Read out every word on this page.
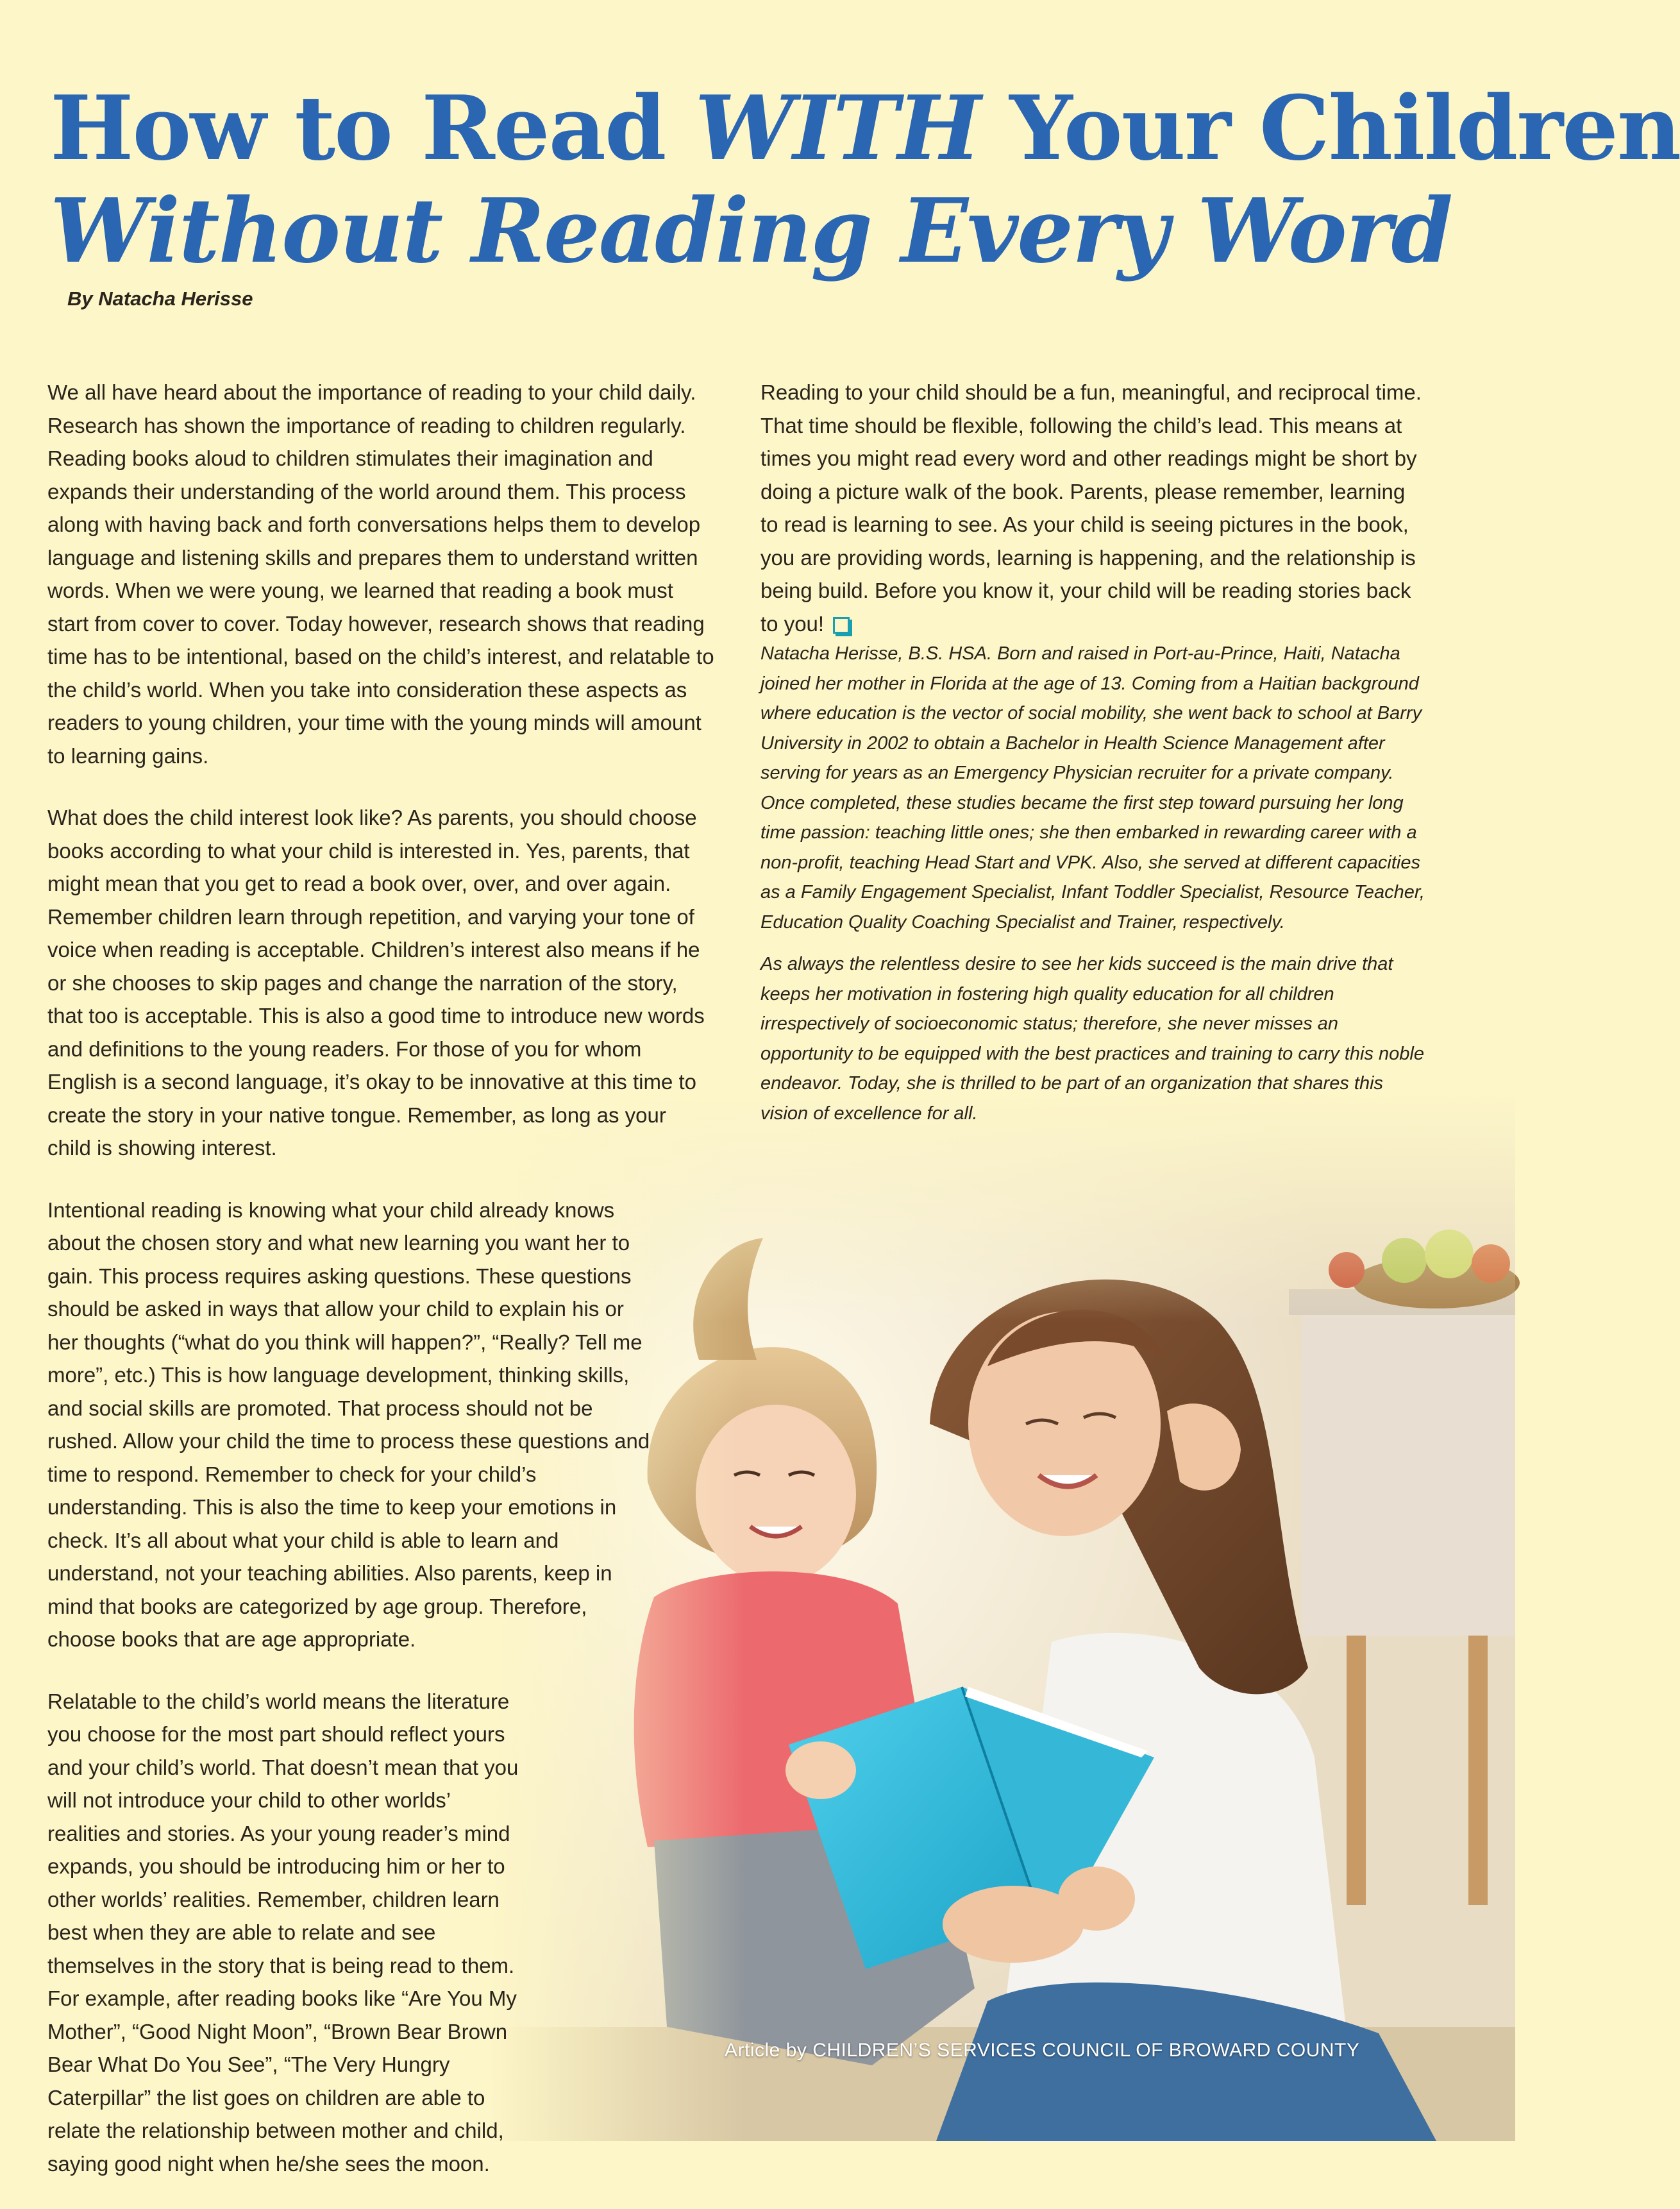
How to Read WITH Your Children
Without Reading Every Word
By Natacha Herisse

We all have heard about the importance of reading to your child daily. Research has shown the importance of reading to children regularly. Reading books aloud to children stimulates their imagination and expands their understanding of the world around them. This process along with having back and forth conversations helps them to develop language and listening skills and prepares them to understand written words. When we were young, we learned that reading a book must start from cover to cover. Today however, research shows that reading time has to be intentional, based on the child’s interest, and relatable to the child’s world. When you take into consideration these aspects as readers to young children, your time with the young minds will amount to learning gains.

What does the child interest look like? As parents, you should choose books according to what your child is interested in. Yes, parents, that might mean that you get to read a book over, over, and over again. Remember children learn through repetition, and varying your tone of voice when reading is acceptable. Children’s interest also means if he or she chooses to skip pages and change the narration of the story, that too is acceptable. This is also a good time to introduce new words and definitions to the young readers. For those of you for whom English is a second language, it’s okay to be innovative at this time to create the story in your native tongue. Remember, as long as your child is showing interest.

Intentional reading is knowing what your child already knows about the chosen story and what new learning you want her to gain. This process requires asking questions. These questions should be asked in ways that allow your child to explain his or her thoughts (“what do you think will happen?”, “Really? Tell me more”, etc.) This is how language development, thinking skills, and social skills are promoted. That process should not be rushed. Allow your child the time to process these questions and time to respond. Remember to check for your child’s understanding. This is also the time to keep your emotions in check. It’s all about what your child is able to learn and understand, not your teaching abilities. Also parents, keep in mind that books are categorized by age group. Therefore, choose books that are age appropriate.

Relatable to the child’s world means the literature you choose for the most part should reflect yours and your child’s world. That doesn’t mean that you will not introduce your child to other worlds’ realities and stories. As your young reader’s mind expands, you should be introducing him or her to other worlds’ realities. Remember, children learn best when they are able to relate and see themselves in the story that is being read to them. For example, after reading books like “Are You My Mother”, “Good Night Moon”, “Brown Bear Brown Bear What Do You See”, “The Very Hungry Caterpillar” the list goes on children are able to relate the relationship between mother and child, saying good night when he/she sees the moon.

Reading to your child should be a fun, meaningful, and reciprocal time. That time should be flexible, following the child’s lead. This means at times you might read every word and other readings might be short by doing a picture walk of the book. Parents, please remember, learning to read is learning to see. As your child is seeing pictures in the book, you are providing words, learning is happening, and the relationship is being build. Before you know it, your child will be reading stories back to you!

Natacha Herisse, B.S. HSA. Born and raised in Port-au-Prince, Haiti, Natacha joined her mother in Florida at the age of 13. Coming from a Haitian background where education is the vector of social mobility, she went back to school at Barry University in 2002 to obtain a Bachelor in Health Science Management after serving for years as an Emergency Physician recruiter for a private company. Once completed, these studies became the first step toward pursuing her long time passion: teaching little ones; she then embarked in rewarding career with a non-profit, teaching Head Start and VPK. Also, she served at different capacities as a Family Engagement Specialist, Infant Toddler Specialist, Resource Teacher, Education Quality Coaching Specialist and Trainer, respectively.

As always the relentless desire to see her kids succeed is the main drive that keeps her motivation in fostering high quality education for all children irrespectively of socioeconomic status; therefore, she never misses an opportunity to be equipped with the best practices and training to carry this noble endeavor. Today, she is thrilled to be part of an organization that shares this vision of excellence for all.

Article by CHILDREN’S SERVICES COUNCIL OF BROWARD COUNTY
